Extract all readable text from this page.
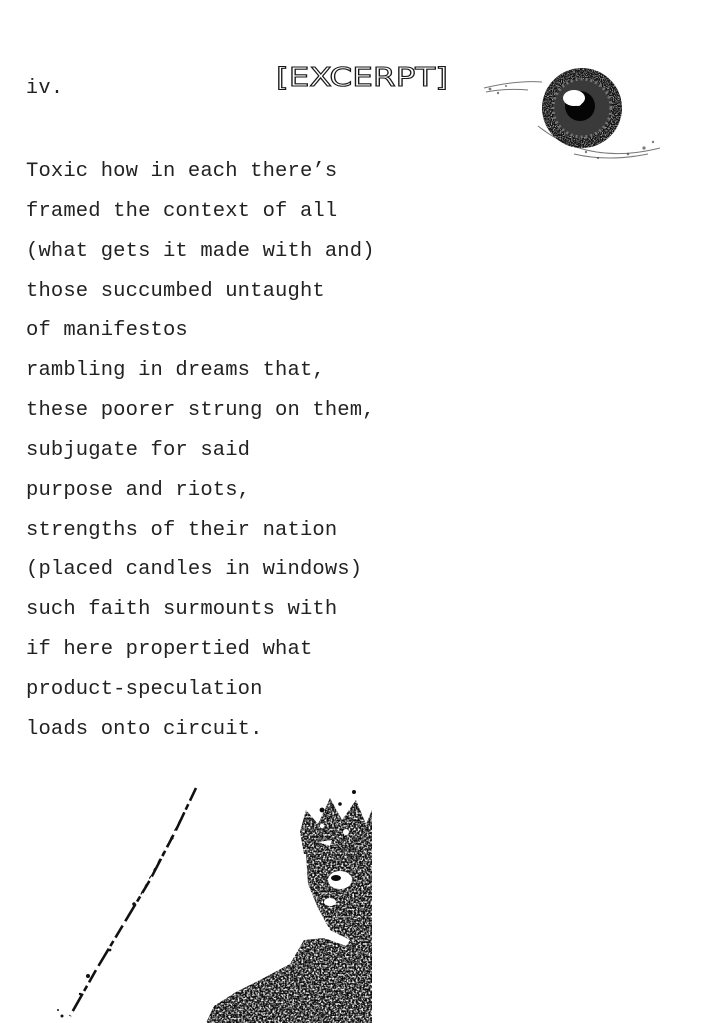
iv.	[EXCERPT]
Toxic how in each there’s
framed the context of all
(what gets it made with and)
those succumbed untaught
of manifestos
rambling in dreams that,
these poorer strung on them,
subjugate for said
purpose and riots,
strengths of their nation
(placed candles in windows)
such faith surmounts with
if here propertied what
product-speculation
loads onto circuit.
